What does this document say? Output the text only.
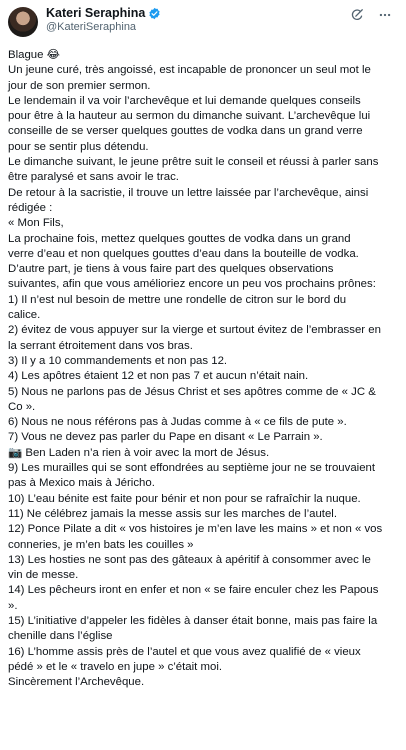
Kateri Seraphina
@KateriSeraphina
Blague 😂
Un jeune curé, très angoissé, est incapable de prononcer un seul mot le
jour de son premier sermon.
Le lendemain il va voir l’archevêque et lui demande quelques conseils
pour être à la hauteur au sermon du dimanche suivant. L’archevêque lui
conseille de se verser quelques gouttes de vodka dans un grand verre
pour se sentir plus détendu.
Le dimanche suivant, le jeune prêtre suit le conseil et réussi à parler sans
être paralysé et sans avoir le trac.
De retour à la sacristie, il trouve un lettre laissée par l’archevêque, ainsi
rédigée :
« Mon Fils,
La prochaine fois, mettez quelques gouttes de vodka dans un grand
verre d’eau et non quelques gouttes d’eau dans la bouteille de vodka.
D’autre part, je tiens à vous faire part des quelques observations
suivantes, afin que vous amélioriez encore un peu vos prochains prônes:
1) Il n’est nul besoin de mettre une rondelle de citron sur le bord du
calice.
2) évitez de vous appuyer sur la vierge et surtout évitez de l’embrasser en
la serrant étroitement dans vos bras.
3) Il y a 10 commandements et non pas 12.
4) Les apôtres étaient 12 et non pas 7 et aucun n’était nain.
5) Nous ne parlons pas de Jésus Christ et ses apôtres comme de « JC &
Co ».
6) Nous ne nous référons pas à Judas comme à « ce fils de pute ».
7) Vous ne devez pas parler du Pape en disant « Le Parrain ».
📷 Ben Laden n’a rien à voir avec la mort de Jésus.
9) Les murailles qui se sont effondrées au septième jour ne se trouvaient
pas à Mexico mais à Jéricho.
10) L’eau bénite est faite pour bénir et non pour se rafraîchir la nuque.
11) Ne célébrez jamais la messe assis sur les marches de l’autel.
12) Ponce Pilate a dit « vos histoires je m’en lave les mains » et non « vos
conneries, je m’en bats les couilles »
13) Les hosties ne sont pas des gâteaux à apéritif à consommer avec le
vin de messe.
14) Les pêcheurs iront en enfer et non « se faire enculer chez les Papous
».
15) L’initiative d’appeler les fidèles à danser était bonne, mais pas faire la
chenille dans l’église
16) L’homme assis près de l’autel et que vous avez qualifié de « vieux
pédé » et le « travelo en jupe » c’était moi.
Sincèrement l’Archevêque.
